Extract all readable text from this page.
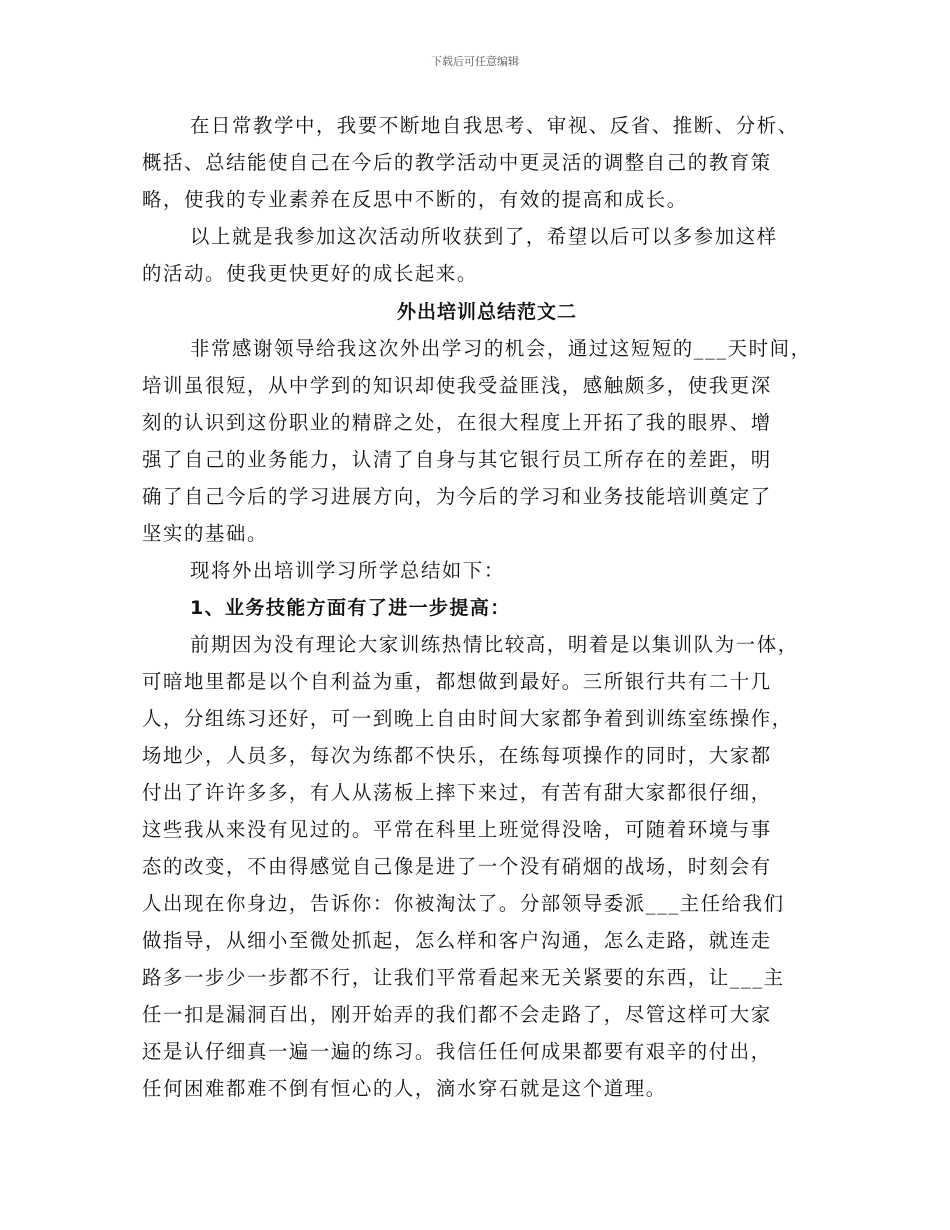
下载后可任意编辑
在日常教学中，我要不断地自我思考、审视、反省、推断、分析、
概括、总结能使自己在今后的教学活动中更灵活的调整自己的教育策
略，使我的专业素养在反思中不断的，有效的提高和成长。
以上就是我参加这次活动所收获到了，希望以后可以多参加这样
的活动。使我更快更好的成长起来。
外出培训总结范文二
非常感谢领导给我这次外出学习的机会，通过这短短的___天时间，
培训虽很短，从中学到的知识却使我受益匪浅，感触颇多，使我更深
刻的认识到这份职业的精辟之处，在很大程度上开拓了我的眼界、增
强了自己的业务能力，认清了自身与其它银行员工所存在的差距，明
确了自己今后的学习进展方向，为今后的学习和业务技能培训奠定了
坚实的基础。
现将外出培训学习所学总结如下：
1、业务技能方面有了进一步提高：
前期因为没有理论大家训练热情比较高，明着是以集训队为一体，
可暗地里都是以个自利益为重，都想做到最好。三所银行共有二十几
人，分组练习还好，可一到晚上自由时间大家都争着到训练室练操作，
场地少，人员多，每次为练都不快乐，在练每项操作的同时，大家都
付出了许许多多，有人从荡板上摔下来过，有苦有甜大家都很仔细，
这些我从来没有见过的。平常在科里上班觉得没啥，可随着环境与事
态的改变，不由得感觉自己像是进了一个没有硝烟的战场，时刻会有
人出现在你身边，告诉你：你被淘汰了。分部领导委派___主任给我们
做指导，从细小至微处抓起，怎么样和客户沟通，怎么走路，就连走
路多一步少一步都不行，让我们平常看起来无关紧要的东西，让___主
任一扣是漏洞百出，刚开始弄的我们都不会走路了，尽管这样可大家
还是认仔细真一遍一遍的练习。我信任任何成果都要有艰辛的付出，
任何困难都难不倒有恒心的人，滴水穿石就是这个道理。
